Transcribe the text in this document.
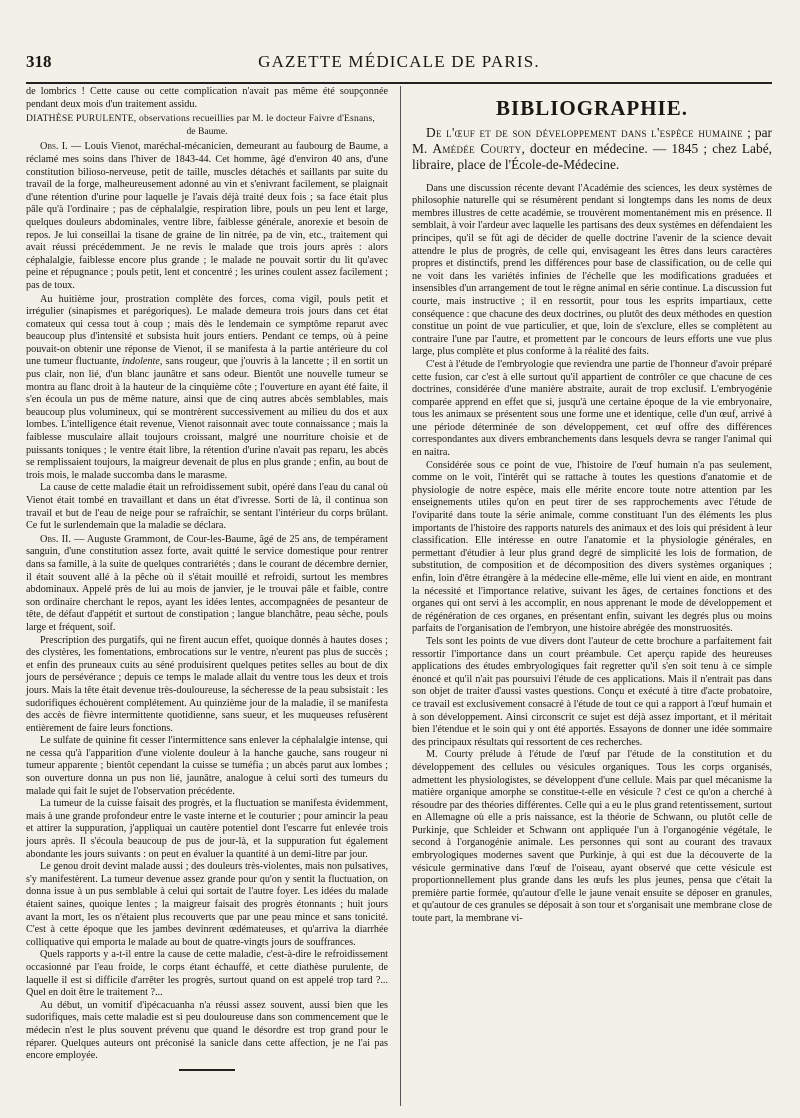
318	GAZETTE MÉDICALE DE PARIS.

de lombrics ! Cette cause ou cette complication n'avait pas même été soupçonnée pendant deux mois d'un traitement assidu.

DIATHÈSE PURULENTE, observations recueillies par M. le docteur Faivre d'Esnans,
de Baume.

Obs. I. — Louis Vienot, maréchal-mécanicien, demeurant au faubourg de Baume, a réclamé mes soins dans l'hiver de 1843-44. Cet homme, âgé d'environ 40 ans, d'une constitution bilioso-nerveuse, petit de taille, muscles détachés et saillants par suite du travail de la forge, malheureusement adonné au vin et s'enivrant facilement, se plaignait d'une rétention d'urine pour laquelle je l'avais déjà traité deux fois ; sa face était plus pâle qu'à l'ordinaire ; pas de céphalalgie, respiration libre, pouls un peu lent et large, quelques douleurs abdominales, ventre libre, faiblesse générale, anorexie et besoin de repos. Je lui conseillai la tisane de graine de lin nitrée, pa de vin, etc., traitement qui avait réussi précédemment. Je ne revis le malade que trois jours après : alors céphalalgie, faiblesse encore plus grande ; le malade ne pouvait sortir du lit qu'avec peine et répugnance ; pouls petit, lent et concentré ; les urines coulent assez facilement ; pas de toux.

Au huitième jour, prostration complète des forces, coma vigil, pouls petit et irrégulier (sinapismes et parégoriques). Le malade demeura trois jours dans cet état comateux qui cessa tout à coup ; mais dès le lendemain ce symptôme reparut avec beaucoup plus d'intensité et subsista huit jours entiers. Pendant ce temps, où à peine pouvait-on obtenir une réponse de Vienot, il se manifesta à la partie antérieure du col une tumeur fluctuante, indolente, sans rougeur, que j'ouvris à la lancette ; il en sortit un pus clair, non lié, d'un blanc jaunâtre et sans odeur. Bientôt une nouvelle tumeur se montra au flanc droit à la hauteur de la cinquième côte ; l'ouverture en ayant été faite, il s'en écoula un pus de même nature, ainsi que de cinq autres abcès semblables, mais beaucoup plus volumineux, qui se montrèrent successivement au milieu du dos et aux lombes. L'intelligence était revenue, Vienot raisonnait avec toute connaissance ; mais la faiblesse musculaire allait toujours croissant, malgré une nourriture choisie et de puissants toniques ; le ventre était libre, la rétention d'urine n'avait pas reparu, les abcès se remplissaient toujours, la maigreur devenait de plus en plus grande ; enfin, au bout de trois mois, le malade succomba dans le marasme.

La cause de cette maladie était un refroidissement subit, opéré dans l'eau du canal où Vienot était tombé en travaillant et dans un état d'ivresse. Sorti de là, il continua son travail et but de l'eau de neige pour se rafraîchir, se sentant l'intérieur du corps brûlant. Ce fut le surlendemain que la maladie se déclara.

Obs. II. — Auguste Grammont, de Cour-les-Baume, âgé de 25 ans, de tempérament sanguin, d'une constitution assez forte, avait quitté le service domestique pour rentrer dans sa famille, à la suite de quelques contrariétés ; dans le courant de décembre dernier, il était souvent allé à la pêche où il s'était mouillé et refroidi, surtout les membres abdominaux. Appelé près de lui au mois de janvier, je le trouvai pâle et faible, contre son ordinaire cherchant le repos, ayant les idées lentes, accompagnées de pesanteur de tête, de défaut d'appétit et surtout de constipation ; langue blanchâtre, peau sèche, pouls large et fréquent, soif.

Prescription des purgatifs, qui ne firent aucun effet, quoique donnés à hautes doses ; des clystères, les fomentations, embrocations sur le ventre, n'eurent pas plus de succès ; et enfin des pruneaux cuits au séné produisirent quelques petites selles au bout de dix jours de persévérance ; depuis ce temps le malade allait du ventre tous les deux et trois jours. Mais la tête était devenue très-douloureuse, la sécheresse de la peau subsistait : les sudorifiques échouèrent complétement. Au quinzième jour de la maladie, il se manifesta des accès de fièvre intermittente quotidienne, sans sueur, et les muqueuses refusèrent entièrement de faire leurs fonctions.

Le sulfate de quinine fit cesser l'intermittence sans enlever la céphalalgie intense, qui ne cessa qu'à l'apparition d'une violente douleur à la hanche gauche, sans rougeur ni tumeur apparente ; bientôt cependant la cuisse se tuméfia ; un abcès parut aux lombes ; son ouverture donna un pus non lié, jaunâtre, analogue à celui sorti des tumeurs du malade qui fait le sujet de l'observation précédente.

La tumeur de la cuisse faisait des progrès, et la fluctuation se manifesta évidemment, mais à une grande profondeur entre le vaste interne et le couturier ; pour amincir la peau et attirer la suppuration, j'appliquai un cautère potentiel dont l'escarre fut enlevée trois jours après. Il s'écoula beaucoup de pus de jour-là, et la suppuration fut également abondante les jours suivants : on peut en évaluer la quantité à un demi-litre par jour.

Le genou droit devint malade aussi ; des douleurs très-violentes, mais non pulsatives, s'y manifestèrent. La tumeur devenue assez grande pour qu'on y sentit la fluctuation, on donna issue à un pus semblable à celui qui sortait de l'autre foyer. Les idées du malade étaient saines, quoique lentes ; la maigreur faisait des progrès étonnants ; huit jours avant la mort, les os n'étaient plus recouverts que par une peau mince et sans tonicité. C'est à cette époque que les jambes devinrent œdémateuses, et qu'arriva la diarrhée colliquative qui emporta le malade au bout de quatre-vingts jours de souffrances.

Quels rapports y a-t-il entre la cause de cette maladie, c'est-à-dire le refroidissement occasionné par l'eau froide, le corps étant échauffé, et cette diathèse purulente, de laquelle il est si difficile d'arrêter les progrès, surtout quand on est appelé trop tard ?... Quel en doit être le traitement ?...

Au début, un vomitif d'ipécacuanha n'a réussi assez souvent, aussi bien que les sudorifiques, mais cette maladie est si peu douloureuse dans son commencement que le médecin n'est le plus souvent prévenu que quand le désordre est trop grand pour le réparer. Quelques auteurs ont préconisé la sanicle dans cette affection, je ne l'ai pas encore employée.

BIBLIOGRAPHIE.
De l'œuf et de son développement dans l'espèce humaine ; par M. Amédée Courty, docteur en médecine. — 1845 ; chez Labé, libraire, place de l'École-de-Médecine.

Dans une discussion récente devant l'Académie des sciences, les deux systèmes de philosophie naturelle qui se résumèrent pendant si longtemps dans les noms de deux membres illustres de cette académie, se trouvèrent momentanément mis en présence. Il semblait, à voir l'ardeur avec laquelle les partisans des deux systèmes en défendaient les principes, qu'il se fût agi de décider de quelle doctrine l'avenir de la science devait attendre le plus de progrès, de celle qui, envisageant les êtres dans leurs caractères propres et distinctifs, prend les différences pour base de classification, ou de celle qui ne voit dans les variétés infinies de l'échelle que les modifications graduées et insensibles d'un arrangement de tout le règne animal en série continue. La discussion fut courte, mais instructive ; il en ressortit, pour tous les esprits impartiaux, cette conséquence : que chacune des deux doctrines, ou plutôt des deux méthodes en question constitue un point de vue particulier, et que, loin de s'exclure, elles se complètent au contraire l'une par l'autre, et promettent par le concours de leurs efforts une vue plus large, plus complète et plus conforme à la réalité des faits.

C'est à l'étude de l'embryologie que reviendra une partie de l'honneur d'avoir préparé cette fusion, car c'est à elle surtout qu'il appartient de contrôler ce que chacune de ces doctrines, considérée d'une manière abstraite, aurait de trop exclusif. L'embryogénie comparée apprend en effet que si, jusqu'à une certaine époque de la vie embryonaire, tous les animaux se présentent sous une forme une et identique, celle d'un œuf, arrivé à une période déterminée de son développement, cet œuf offre des différences correspondantes aux divers embranchements dans lesquels devra se ranger l'animal qui en naitra.

Considérée sous ce point de vue, l'histoire de l'œuf humain n'a pas seulement, comme on le voit, l'intérêt qui se rattache à toutes les questions d'anatomie et de physiologie de notre espèce, mais elle mérite encore toute notre attention par les enseignements utiles qu'on en peut tirer de ses rapprochements avec l'étude de l'oviparité dans toute la série animale, comme constituant l'un des éléments les plus importants de l'histoire des rapports naturels des animaux et des lois qui président à leur classification. Elle intéresse en outre l'anatomie et la physiologie générales, en permettant d'étudier à leur plus grand degré de simplicité les lois de formation, de substitution, de composition et de décomposition des divers systèmes organiques ; enfin, loin d'être étrangère à la médecine elle-même, elle lui vient en aide, en montrant la nécessité et l'importance relative, suivant les âges, de certaines fonctions et des organes qui ont servi à les accomplir, en nous apprenant le mode de développement et de régénération de ces organes, en présentant enfin, suivant les degrés plus ou moins parfaits de l'organisation de l'embryon, une histoire abrégée des monstruosités.

Tels sont les points de vue divers dont l'auteur de cette brochure a parfaitement fait ressortir l'importance dans un court préambule. Cet aperçu rapide des heureuses applications des études embryologiques fait regretter qu'il s'en soit tenu à ce simple énoncé et qu'il n'ait pas poursuivi l'étude de ces applications. Mais il n'entrait pas dans son objet de traiter d'aussi vastes questions. Conçu et exécuté à titre d'acte probatoire, ce travail est exclusivement consacré à l'étude de tout ce qui a rapport à l'œuf humain et à son développement. Ainsi circonscrit ce sujet est déjà assez important, et il méritait bien l'étendue et le soin qui y ont été apportés. Essayons de donner une idée sommaire des principaux résultats qui ressortent de ces recherches.

M. Courty prélude à l'étude de l'œuf par l'étude de la constitution et du développement des cellules ou vésicules organiques. Tous les corps organisés, admettent les physiologistes, se développent d'une cellule. Mais par quel mécanisme la matière organique amorphe se constitue-t-elle en vésicule ? c'est ce qu'on a cherché à résoudre par des théories différentes. Celle qui a eu le plus grand retentissement, surtout en Allemagne où elle a pris naissance, est la théorie de Schwann, ou plutôt celle de Purkinje, que Schleider et Schwann ont appliquée l'un à l'organogénie végétale, le second à l'organogénie animale. Les personnes qui sont au courant des travaux embryologiques modernes savent que Purkinje, à qui est due la découverte de la vésicule germinative dans l'œuf de l'oiseau, ayant observé que cette vésicule est proportionnellement plus grande dans les œufs les plus jeunes, pensa que c'était la première partie formée, qu'autour d'elle le jaune venait ensuite se déposer en granules, et qu'autour de ces granules se déposait à son tour et s'organisait une membrane close de toute part, la membrane vi-
